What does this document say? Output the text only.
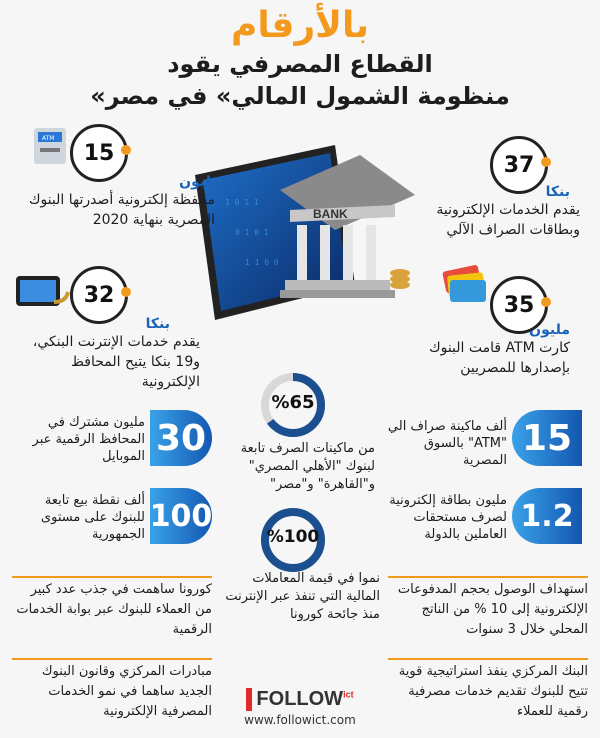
بالأرقام
القطاع المصرفي يقود
«منظومة الشمول المالي» في مصر
1 0 1 1
0 1 0 1
1 1 0 0
BANK
ATM
15
مليون
محفظة إلكترونية أصدرتها البنوك المصرية بنهاية 2020
32
بنكا
يقدم خدمات الإنترنت البنكي، و19 بنكا يتيح المحافظ الإلكترونية
37
بنكا
يقدم الخدمات الإلكترونية وبطاقات الصراف الآلي
35
مليون
كارت ATM قامت البنوك بإصدارها للمصريين
%65
من ماكينات الصرف تابعة لبنوك "الأهلي المصري" و"القاهرة" و"مصر"
%100
نموا في قيمة المعاملات المالية التي تنفذ عبر الإنترنت منذ جائحة كورونا
30
مليون مشترك في المحافظ الرقمية عبر الموبايل
100
ألف نقطة بيع تابعة للبنوك على مستوى الجمهورية
15
ألف ماكينة صراف الي "ATM" بالسوق المصرية
1.2
مليون بطاقة إلكترونية لصرف مستحقات العاملين بالدولة
كورونا ساهمت في جذب عدد كبير من العملاء للبنوك عبر بوابة الخدمات الرقمية
استهداف الوصول بحجم المدفوعات الإلكترونية إلى 10 % من الناتج المحلي خلال 3 سنوات
مبادرات المركزي وقانون البنوك الجديد ساهما في نمو الخدمات المصرفية الإلكترونية
البنك المركزي ينفذ استراتيجية قوية تتيح للبنوك تقديم خدمات مصرفية رقمية للعملاء
$FOLLOW^{ict}$
www.followict.com
